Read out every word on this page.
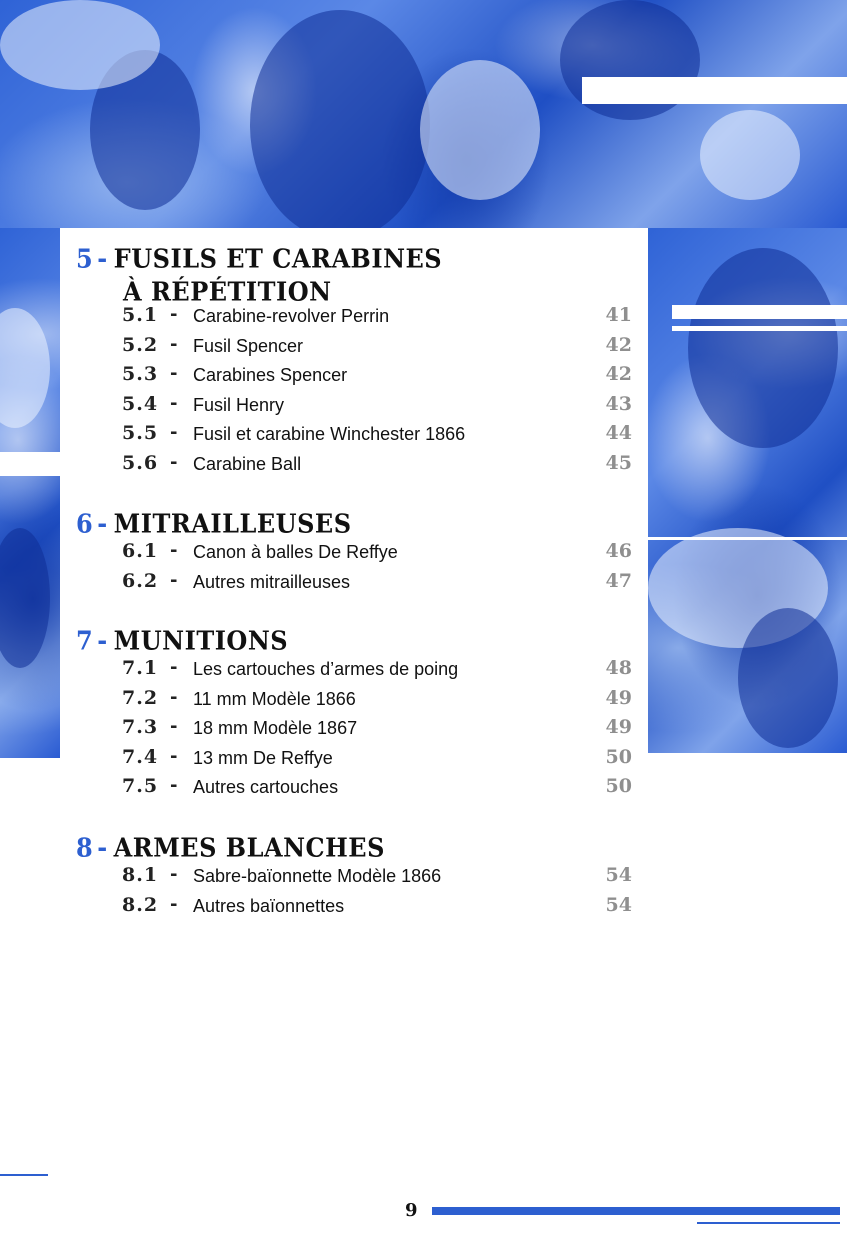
5 - FUSILS ET CARABINES
À RÉPÉTITION
5.1 - Carabine-revolver Perrin	41
5.2 - Fusil Spencer	42
5.3 - Carabines Spencer	42
5.4 - Fusil Henry	43
5.5 - Fusil et carabine Winchester 1866	44
5.6 - Carabine Ball	45
6 - MITRAILLEUSES
6.1 - Canon à balles De Reffye	46
6.2 - Autres mitrailleuses	47
7 - MUNITIONS
7.1 - Les cartouches d’armes de poing	48
7.2 - 11 mm Modèle 1866	49
7.3 - 18 mm Modèle 1867	49
7.4 - 13 mm De Reffye	50
7.5 - Autres cartouches	50
8 - ARMES BLANCHES
8.1 - Sabre-baïonnette Modèle 1866	54
8.2 - Autres baïonnettes	54
9
